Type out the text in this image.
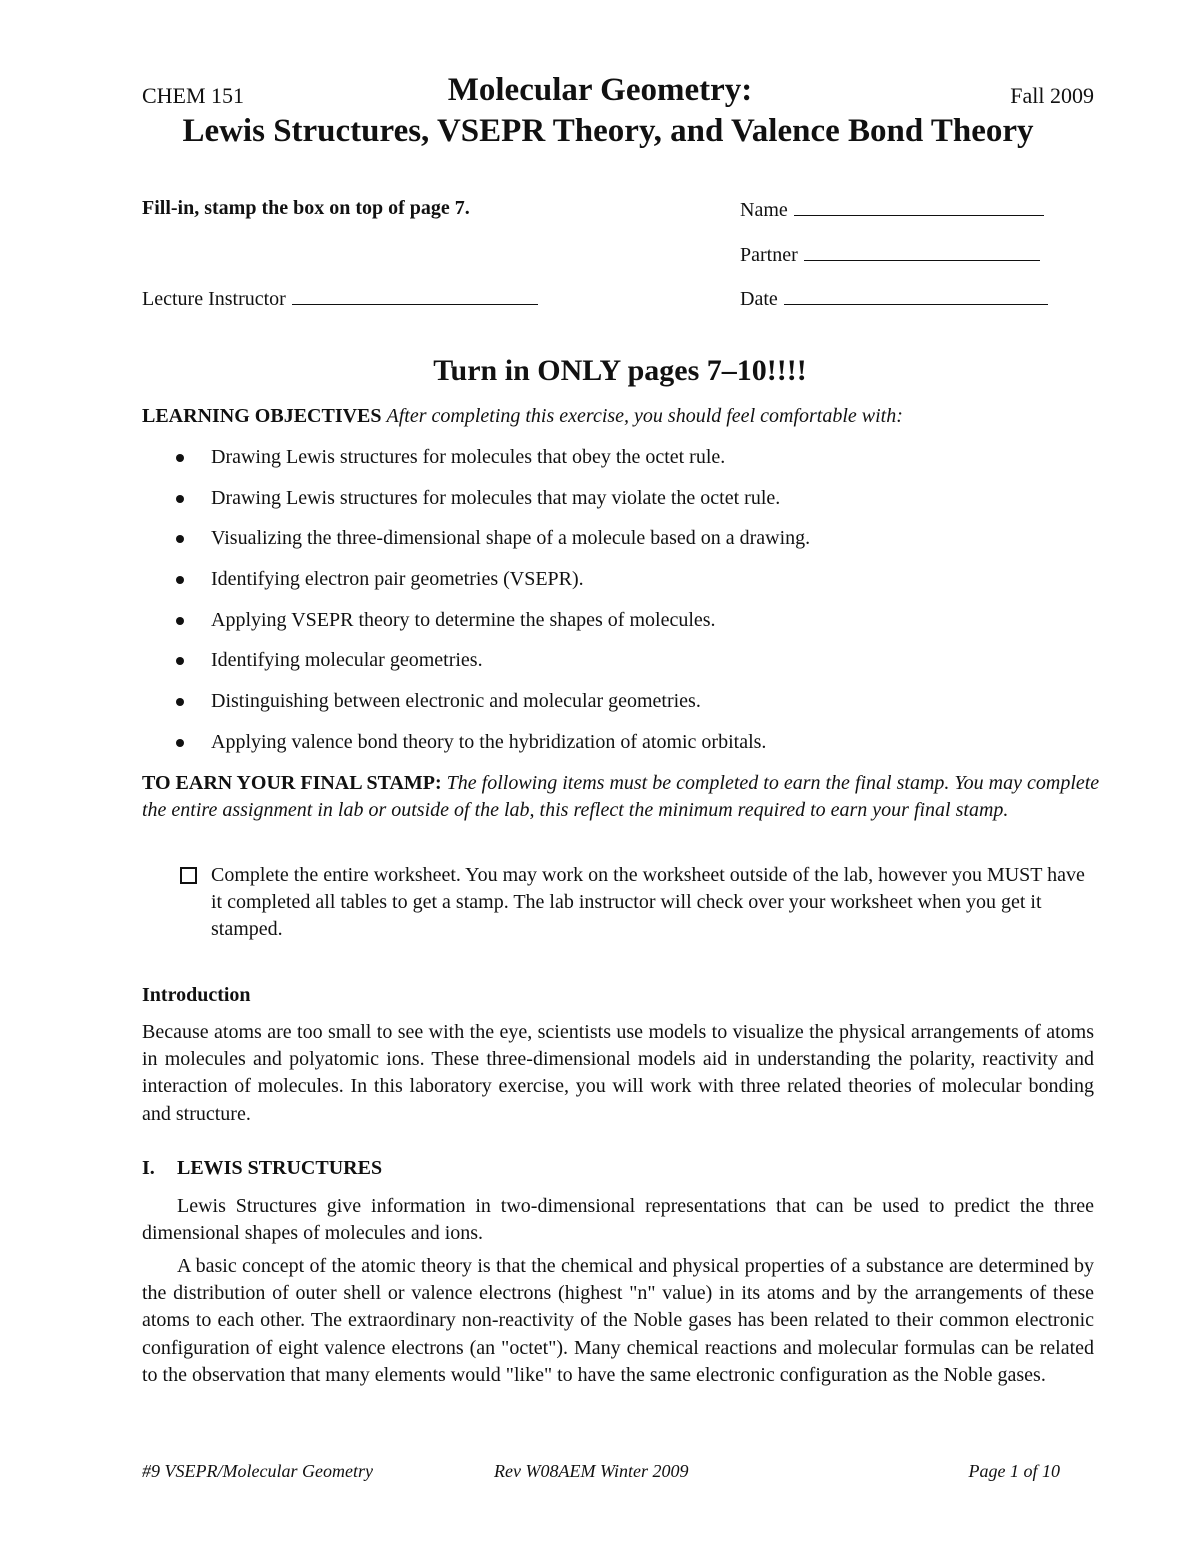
CHEM 151	Molecular Geometry:	Fall 2009
Lewis Structures, VSEPR Theory, and Valence Bond Theory
Fill-in, stamp the box on top of page 7.	Name
Partner
Lecture Instructor	Date
Turn in ONLY pages 7–10!!!!
LEARNING OBJECTIVES After completing this exercise, you should feel comfortable with:
Drawing Lewis structures for molecules that obey the octet rule.
Drawing Lewis structures for molecules that may violate the octet rule.
Visualizing the three-dimensional shape of a molecule based on a drawing.
Identifying electron pair geometries (VSEPR).
Applying VSEPR theory to determine the shapes of molecules.
Identifying molecular geometries.
Distinguishing between electronic and molecular geometries.
Applying valence bond theory to the hybridization of atomic orbitals.
TO EARN YOUR FINAL STAMP: The following items must be completed to earn the final stamp. You may complete the entire assignment in lab or outside of the lab, this reflect the minimum required to earn your final stamp.
Complete the entire worksheet. You may work on the worksheet outside of the lab, however you MUST have it completed all tables to get a stamp. The lab instructor will check over your worksheet when you get it stamped.
Introduction
Because atoms are too small to see with the eye, scientists use models to visualize the physical arrangements of atoms in molecules and polyatomic ions. These three-dimensional models aid in understanding the polarity, reactivity and interaction of molecules. In this laboratory exercise, you will work with three related theories of molecular bonding and structure.
I. LEWIS STRUCTURES
Lewis Structures give information in two-dimensional representations that can be used to predict the three dimensional shapes of molecules and ions.
A basic concept of the atomic theory is that the chemical and physical properties of a substance are determined by the distribution of outer shell or valence electrons (highest "n" value) in its atoms and by the arrangements of these atoms to each other. The extraordinary non-reactivity of the Noble gases has been related to their common electronic configuration of eight valence electrons (an "octet"). Many chemical reactions and molecular formulas can be related to the observation that many elements would "like" to have the same electronic configuration as the Noble gases.
#9 VSEPR/Molecular Geometry	Rev W08AEM Winter 2009	Page 1 of 10
